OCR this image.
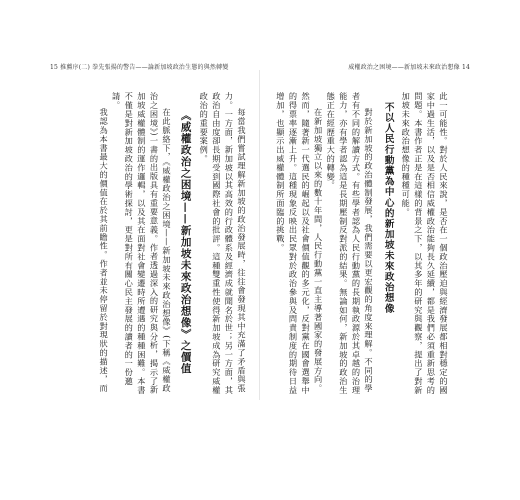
15 推薦序(二) 拳先張揚的警告——論新加坡政治生態的與然轉變	威權政治之困境——新加坡未來政治想像 14
每當我們嘗試理解新加坡的政治發展時，往往會發現其中充滿了矛盾與張力。一方面，新加坡以其高效的行政體系及經濟成就聞名於世；另一方面，其政治自由度卻長期受到國際社會的批評。這種雙重性使得新加坡成為研究威權政治的重要案例。
《威權政治之困境——新加坡未來政治想像》之價值
在此脈絡下，《威權政治之困境——新加坡未來政治想像》(下稱《威權政治之困境》)一書的出版具有重要意義。作者透過深入的研究與分析，揭示了新加坡威權體制的運作邏輯，以及其在面對社會變遷時所遭遇的種種困難。本書不僅是對新加坡政治的學術探討，更是對所有關心民主發展的讀者的一份邀請。
我認為本書最大的價值在於其前瞻性。作者並未停留於對現狀的描述，而	此一可能性。對於人民來說，是否在一個政治壓迫與經濟發展都相對穩定的國家中過生活，以及是否相信威權政治能夠長久延續，都是我們必須重新思考的問題。本書作者正是在這樣的背景之下，以其多年的研究與觀察，提出了對新加坡未來政治想像的種種可能。
不以人民行動黨為中心的新加坡未來政治想像
對於新加坡的政治體制發展，我們需要以更宏觀的角度來理解。不同的學者有不同的解讀方式。有些學者認為人民行動黨的長期執政源於其卓越的治理能力，亦有學者認為這是長期壓制反對派的結果。無論如何，新加坡的政治生態正在經歷重大的轉變。
在新加坡獨立以來的數十年間，人民行動黨一直主導著國家的發展方向。然而，隨著新一代選民的崛起以及社會價值觀的多元化，反對黨在國會選舉中的得票率逐漸上升。這種現象反映出民眾對於政治參與及問責制度的期待日益增加，也顯示出威權體制所面臨的挑戰。
